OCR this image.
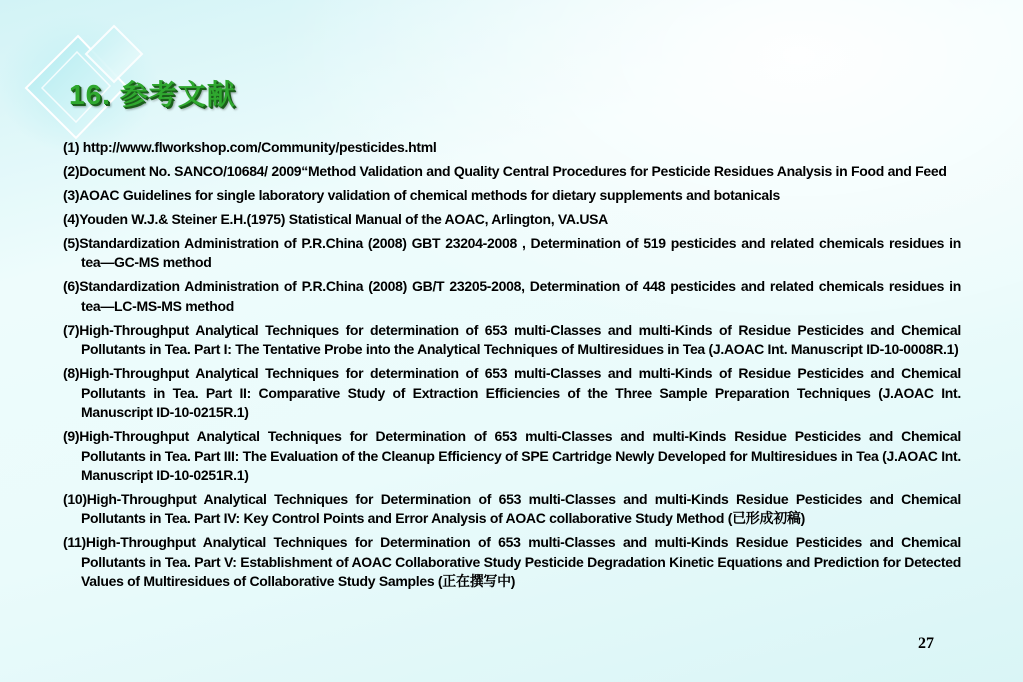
16. 参考文献

(1) http://www.flworkshop.com/Community/pesticides.html

(2)Document No. SANCO/10684/ 2009“Method Validation and Quality Central Procedures for Pesticide Residues Analysis in Food and Feed

(3)AOAC Guidelines for single laboratory validation of chemical methods for dietary supplements and botanicals

(4)Youden W.J.& Steiner E.H.(1975) Statistical Manual of the AOAC, Arlington, VA.USA

(5)Standardization Administration of P.R.China (2008) GBT 23204-2008 , Determination of 519 pesticides and related chemicals residues in tea—GC-MS method

(6)Standardization Administration of P.R.China (2008) GB/T 23205-2008, Determination of 448 pesticides and related chemicals residues in tea—LC-MS-MS method

(7)High-Throughput Analytical Techniques for determination of 653 multi-Classes and multi-Kinds of Residue Pesticides and Chemical Pollutants in Tea. Part I: The Tentative Probe into the Analytical Techniques of Multiresidues in Tea (J.AOAC Int. Manuscript ID-10-0008R.1)

(8)High-Throughput Analytical Techniques for determination of 653 multi-Classes and multi-Kinds of Residue Pesticides and Chemical Pollutants in Tea. Part II: Comparative Study of Extraction Efficiencies of the Three Sample Preparation Techniques (J.AOAC Int. Manuscript ID-10-0215R.1)

(9)High-Throughput Analytical Techniques for Determination of 653 multi-Classes and multi-Kinds Residue Pesticides and Chemical Pollutants in Tea. Part III: The Evaluation of the Cleanup Efficiency of SPE Cartridge Newly Developed for Multiresidues in Tea (J.AOAC Int. Manuscript ID-10-0251R.1)

(10)High-Throughput Analytical Techniques for Determination of 653 multi-Classes and multi-Kinds Residue Pesticides and Chemical Pollutants in Tea. Part IV: Key Control Points and Error Analysis of AOAC collaborative Study Method (已形成初稿)

(11)High-Throughput Analytical Techniques for Determination of 653 multi-Classes and multi-Kinds Residue Pesticides and Chemical Pollutants in Tea. Part V: Establishment of AOAC Collaborative Study Pesticide Degradation Kinetic Equations and Prediction for Detected Values of Multiresidues of Collaborative Study Samples (正在撰写中)

27
